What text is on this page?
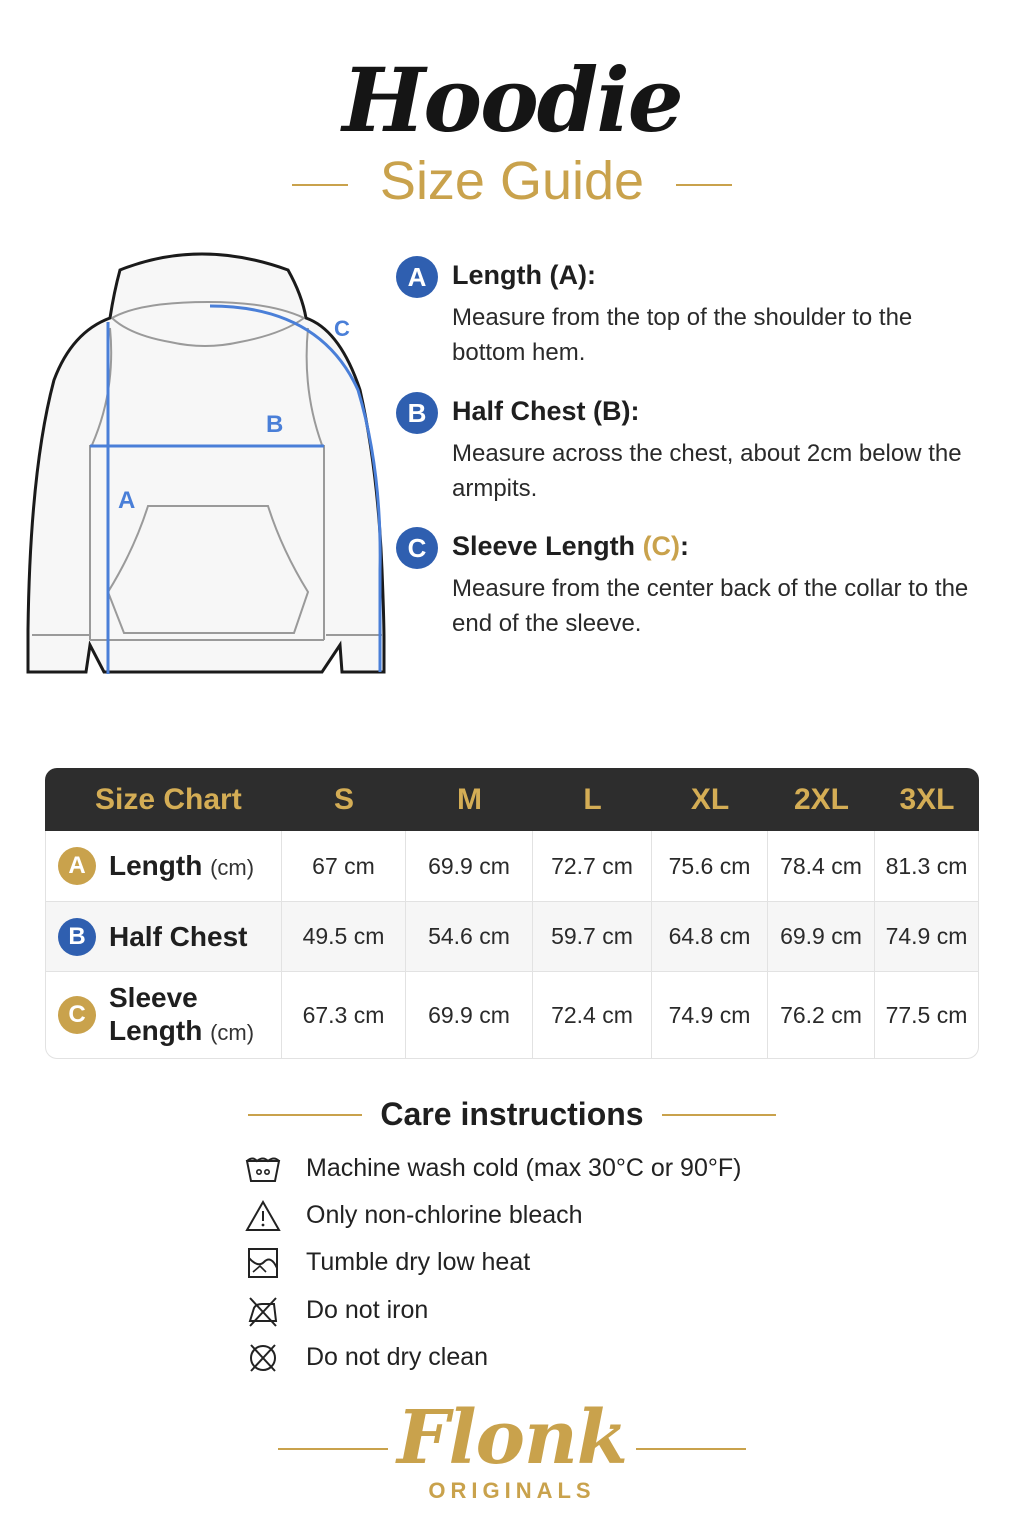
Hoodie
Size Guide
A
B
C
A Length (A):
Measure from the top of the shoulder to the bottom hem.
B Half Chest (B):
Measure across the chest, about 2cm below the armpits.
C Sleeve Length (C):
Measure from the center back of the collar to the end of the sleeve.
Size Chart	S	M	L	XL	2XL	3XL

A Length (cm)	67 cm	69.9 cm	72.7 cm	75.6 cm	78.4 cm	81.3 cm

B Half Chest	49.5 cm	54.6 cm	59.7 cm	64.8 cm	69.9 cm	74.9 cm

C
Sleeve
Length (cm)	67.3 cm	69.9 cm	72.4 cm	74.9 cm	76.2 cm	77.5 cm
Care instructions
Machine wash cold (max 30°C or 90°F)
Only non-chlorine bleach
Tumble dry low heat
Do not iron
Do not dry clean
Flonk
ORIGINALS
